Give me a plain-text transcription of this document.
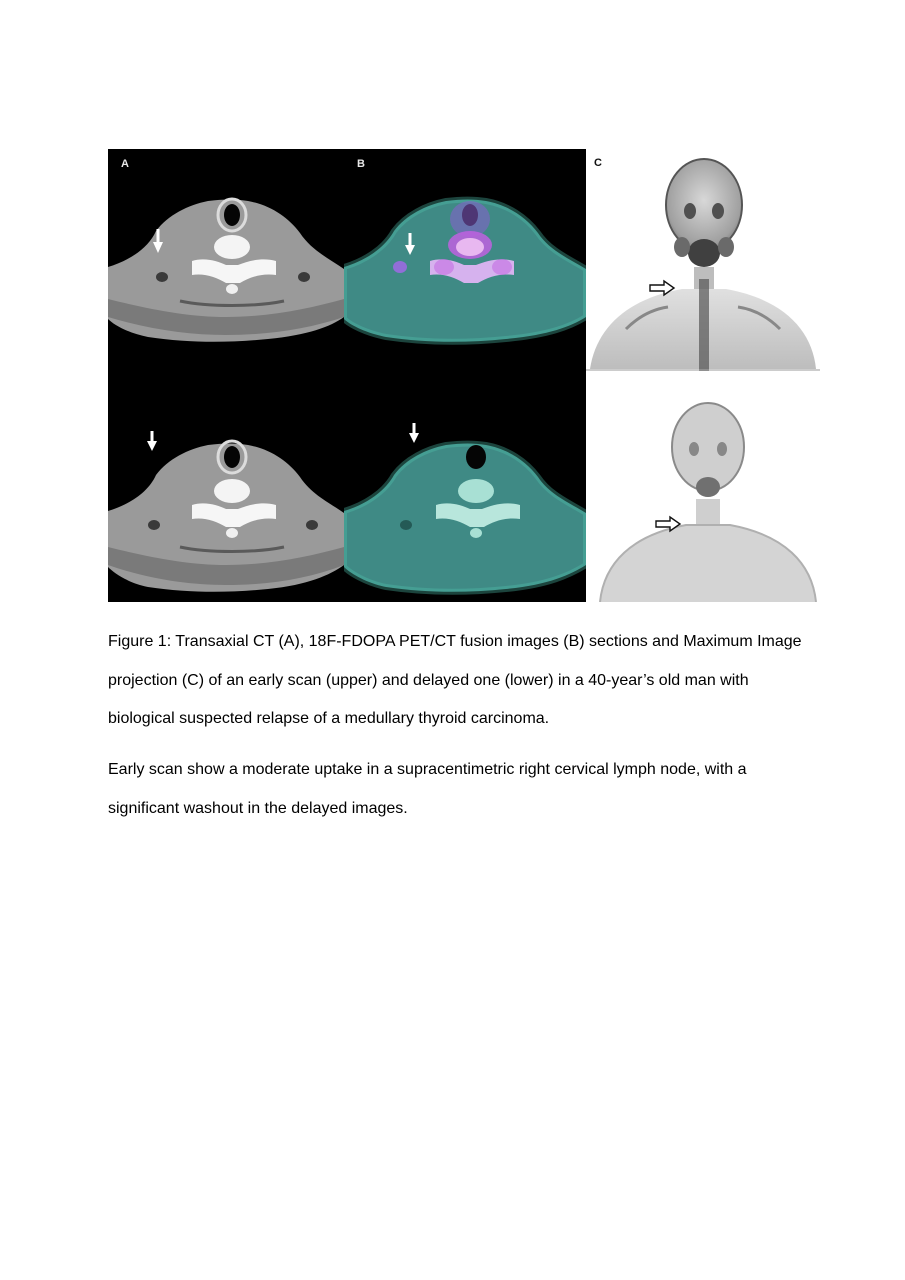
A	B	C

Figure 1: Transaxial CT (A), 18F-FDOPA PET/CT fusion images (B) sections and Maximum Image projection (C) of an early scan (upper) and delayed one (lower) in a 40-year’s old man with biological suspected relapse of a medullary thyroid carcinoma.

Early scan show a moderate uptake in a supracentimetric right cervical lymph node, with a significant washout in the delayed images.
